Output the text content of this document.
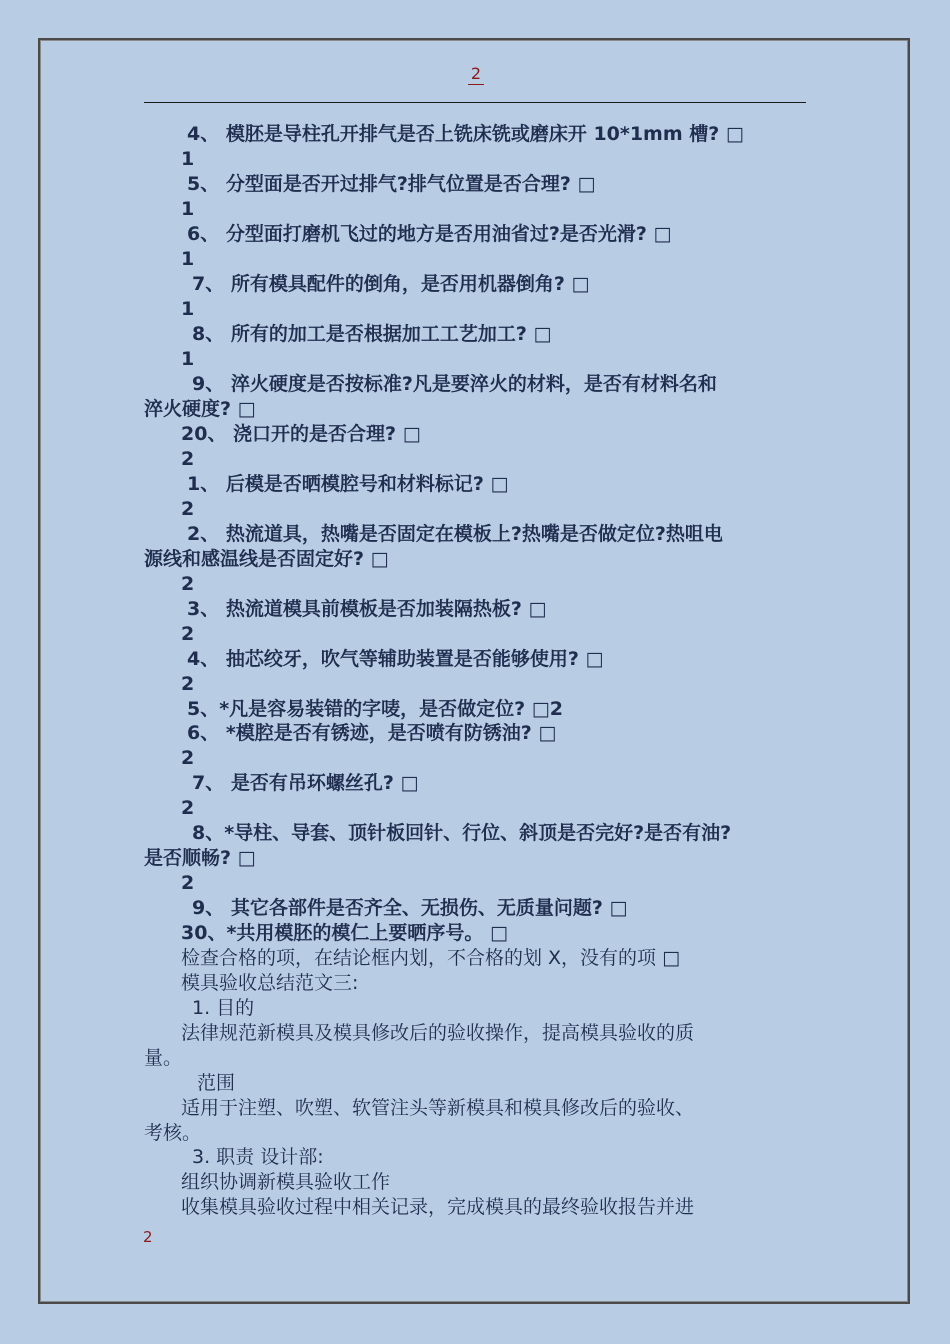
2
4、 模胚是导柱孔开排气是否上铣床铣或磨床开 10*1mm 槽? □
1
5、 分型面是否开过排气?排气位置是否合理? □
1
6、 分型面打磨机飞过的地方是否用油省过?是否光滑? □
1
7、 所有模具配件的倒角，是否用机器倒角? □
1
8、 所有的加工是否根据加工工艺加工? □
1
9、 淬火硬度是否按标准?凡是要淬火的材料，是否有材料名和
淬火硬度? □
20、 浇口开的是否合理? □
2
1、 后模是否晒模腔号和材料标记? □
2
2、 热流道具，热嘴是否固定在模板上?热嘴是否做定位?热咀电
源线和感温线是否固定好? □
2
3、 热流道模具前模板是否加装隔热板? □
2
4、 抽芯绞牙，吹气等辅助装置是否能够使用? □
2
5、*凡是容易装错的字唛，是否做定位? □2
6、 *模腔是否有锈迹，是否喷有防锈油? □
2
7、 是否有吊环螺丝孔? □
2
8、*导柱、导套、顶针板回针、行位、斜顶是否完好?是否有油?
是否顺畅? □
2
9、 其它各部件是否齐全、无损伤、无质量问题? □
30、*共用模胚的模仁上要晒序号。 □
检查合格的项，在结论框内划，不合格的划 X，没有的项 □
模具验收总结范文三:
1. 目的
法律规范新模具及模具修改后的验收操作，提高模具验收的质
量。
范围
适用于注塑、吹塑、软管注头等新模具和模具修改后的验收、
考核。
3. 职责 设计部:
组织协调新模具验收工作
收集模具验收过程中相关记录，完成模具的最终验收报告并进
2
